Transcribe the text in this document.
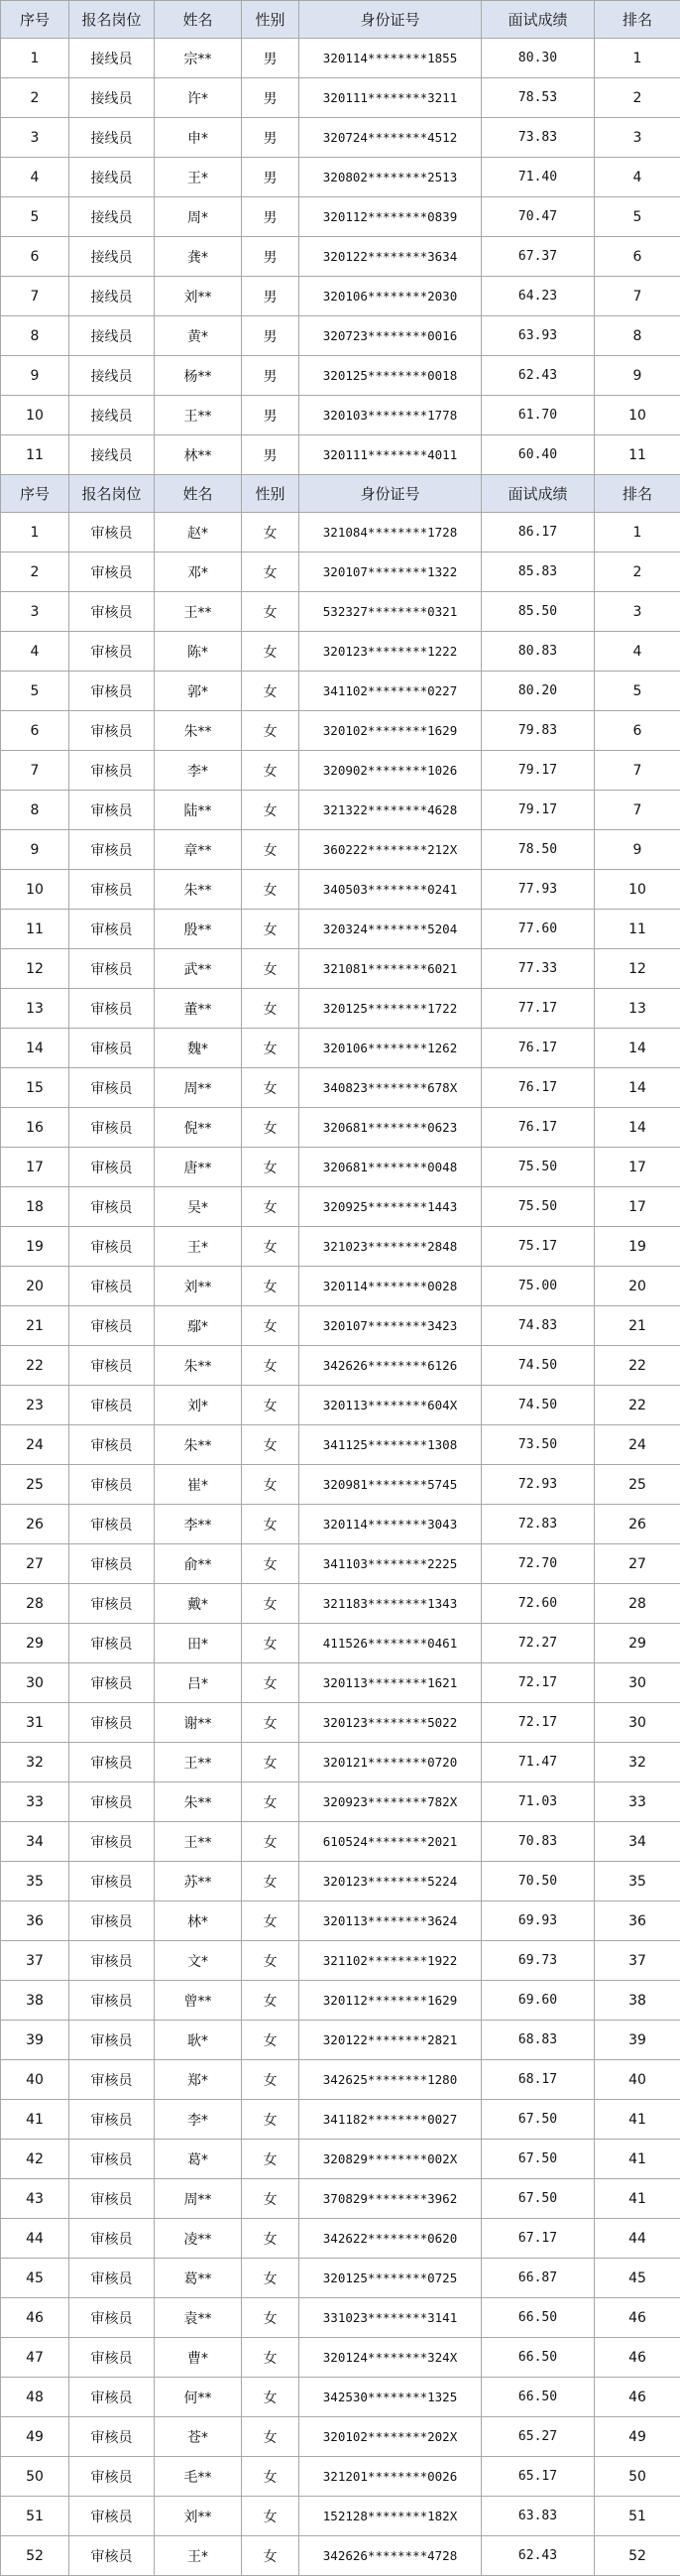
序号	报名岗位	姓名	性别	身份证号	面试成绩	排名
1	接线员	宗**	男	320114********1855	80.30	1
2	接线员	许*	男	320111********3211	78.53	2
3	接线员	申*	男	320724********4512	73.83	3
4	接线员	王*	男	320802********2513	71.40	4
5	接线员	周*	男	320112********0839	70.47	5
6	接线员	龚*	男	320122********3634	67.37	6
7	接线员	刘**	男	320106********2030	64.23	7
8	接线员	黄*	男	320723********0016	63.93	8
9	接线员	杨**	男	320125********0018	62.43	9
10	接线员	王**	男	320103********1778	61.70	10
11	接线员	林**	男	320111********4011	60.40	11
序号	报名岗位	姓名	性别	身份证号	面试成绩	排名
1	审核员	赵*	女	321084********1728	86.17	1
2	审核员	邓*	女	320107********1322	85.83	2
3	审核员	王**	女	532327********0321	85.50	3
4	审核员	陈*	女	320123********1222	80.83	4
5	审核员	郭*	女	341102********0227	80.20	5
6	审核员	朱**	女	320102********1629	79.83	6
7	审核员	李*	女	320902********1026	79.17	7
8	审核员	陆**	女	321322********4628	79.17	7
9	审核员	章**	女	360222********212X	78.50	9
10	审核员	朱**	女	340503********0241	77.93	10
11	审核员	殷**	女	320324********5204	77.60	11
12	审核员	武**	女	321081********6021	77.33	12
13	审核员	董**	女	320125********1722	77.17	13
14	审核员	魏*	女	320106********1262	76.17	14
15	审核员	周**	女	340823********678X	76.17	14
16	审核员	倪**	女	320681********0623	76.17	14
17	审核员	唐**	女	320681********0048	75.50	17
18	审核员	吴*	女	320925********1443	75.50	17
19	审核员	王*	女	321023********2848	75.17	19
20	审核员	刘**	女	320114********0028	75.00	20
21	审核员	鄢*	女	320107********3423	74.83	21
22	审核员	朱**	女	342626********6126	74.50	22
23	审核员	刘*	女	320113********604X	74.50	22
24	审核员	朱**	女	341125********1308	73.50	24
25	审核员	崔*	女	320981********5745	72.93	25
26	审核员	李**	女	320114********3043	72.83	26
27	审核员	俞**	女	341103********2225	72.70	27
28	审核员	戴*	女	321183********1343	72.60	28
29	审核员	田*	女	411526********0461	72.27	29
30	审核员	吕*	女	320113********1621	72.17	30
31	审核员	谢**	女	320123********5022	72.17	30
32	审核员	王**	女	320121********0720	71.47	32
33	审核员	朱**	女	320923********782X	71.03	33
34	审核员	王**	女	610524********2021	70.83	34
35	审核员	苏**	女	320123********5224	70.50	35
36	审核员	林*	女	320113********3624	69.93	36
37	审核员	文*	女	321102********1922	69.73	37
38	审核员	曾**	女	320112********1629	69.60	38
39	审核员	耿*	女	320122********2821	68.83	39
40	审核员	郑*	女	342625********1280	68.17	40
41	审核员	李*	女	341182********0027	67.50	41
42	审核员	葛*	女	320829********002X	67.50	41
43	审核员	周**	女	370829********3962	67.50	41
44	审核员	凌**	女	342622********0620	67.17	44
45	审核员	葛**	女	320125********0725	66.87	45
46	审核员	袁**	女	331023********3141	66.50	46
47	审核员	曹*	女	320124********324X	66.50	46
48	审核员	何**	女	342530********1325	66.50	46
49	审核员	苍*	女	320102********202X	65.27	49
50	审核员	毛**	女	321201********0026	65.17	50
51	审核员	刘**	女	152128********182X	63.83	51
52	审核员	王*	女	342626********4728	62.43	52
